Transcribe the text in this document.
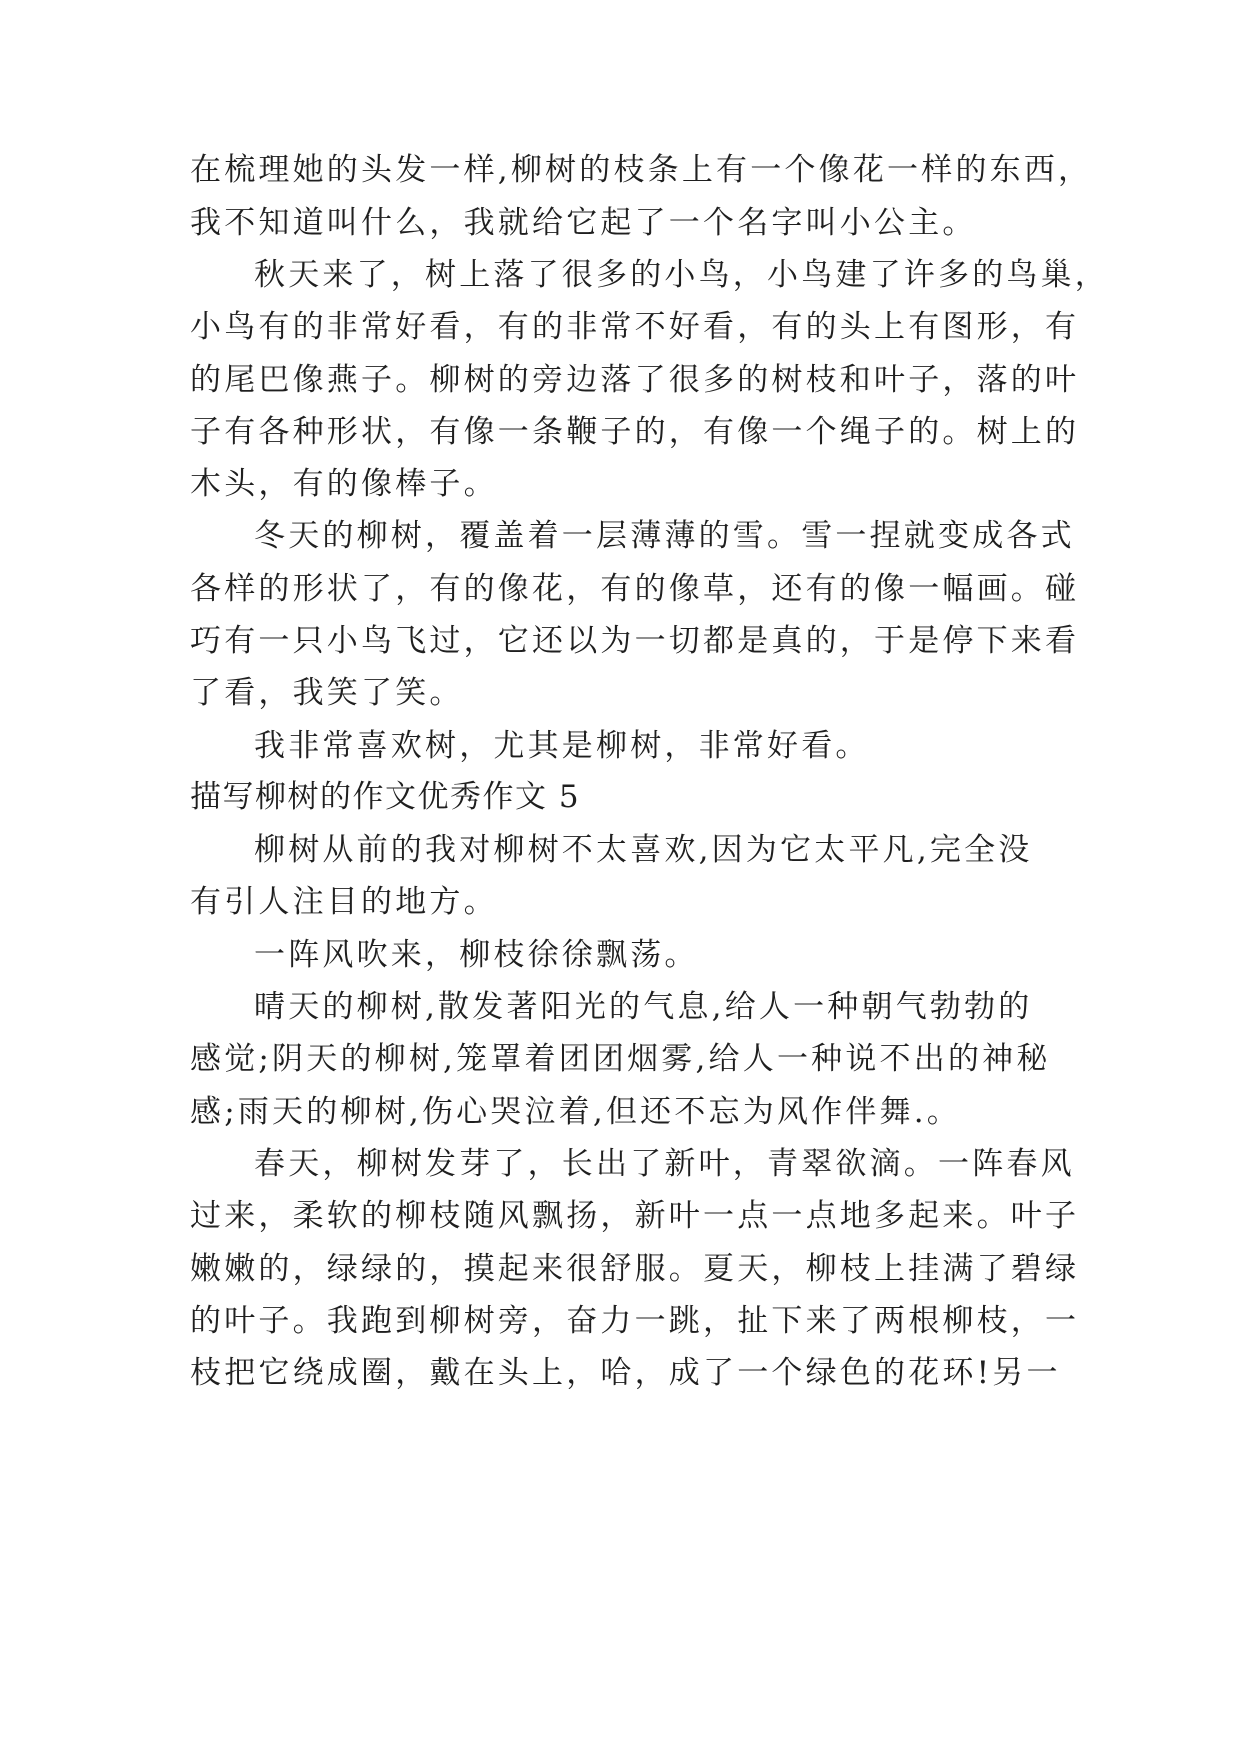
在梳理她的头发一样,柳树的枝条上有一个像花一样的东西，
我不知道叫什么，我就给它起了一个名字叫小公主。
秋天来了，树上落了很多的小鸟，小鸟建了许多的鸟巢，
小鸟有的非常好看，有的非常不好看，有的头上有图形，有
的尾巴像燕子。柳树的旁边落了很多的树枝和叶子，落的叶
子有各种形状，有像一条鞭子的，有像一个绳子的。树上的
木头，有的像棒子。
冬天的柳树，覆盖着一层薄薄的雪。雪一捏就变成各式
各样的形状了，有的像花，有的像草，还有的像一幅画。碰
巧有一只小鸟飞过，它还以为一切都是真的，于是停下来看
了看，我笑了笑。
我非常喜欢树，尤其是柳树，非常好看。
描写柳树的作文优秀作文 5
柳树从前的我对柳树不太喜欢,因为它太平凡,完全没
有引人注目的地方。
一阵风吹来，柳枝徐徐飘荡。
晴天的柳树,散发著阳光的气息,给人一种朝气勃勃的
感觉;阴天的柳树,笼罩着团团烟雾,给人一种说不出的神秘
感;雨天的柳树,伤心哭泣着,但还不忘为风作伴舞.。
春天，柳树发芽了，长出了新叶，青翠欲滴。一阵春风
过来，柔软的柳枝随风飘扬，新叶一点一点地多起来。叶子
嫩嫩的，绿绿的，摸起来很舒服。夏天，柳枝上挂满了碧绿
的叶子。我跑到柳树旁，奋力一跳，扯下来了两根柳枝，一
枝把它绕成圈，戴在头上，哈，成了一个绿色的花环!另一
